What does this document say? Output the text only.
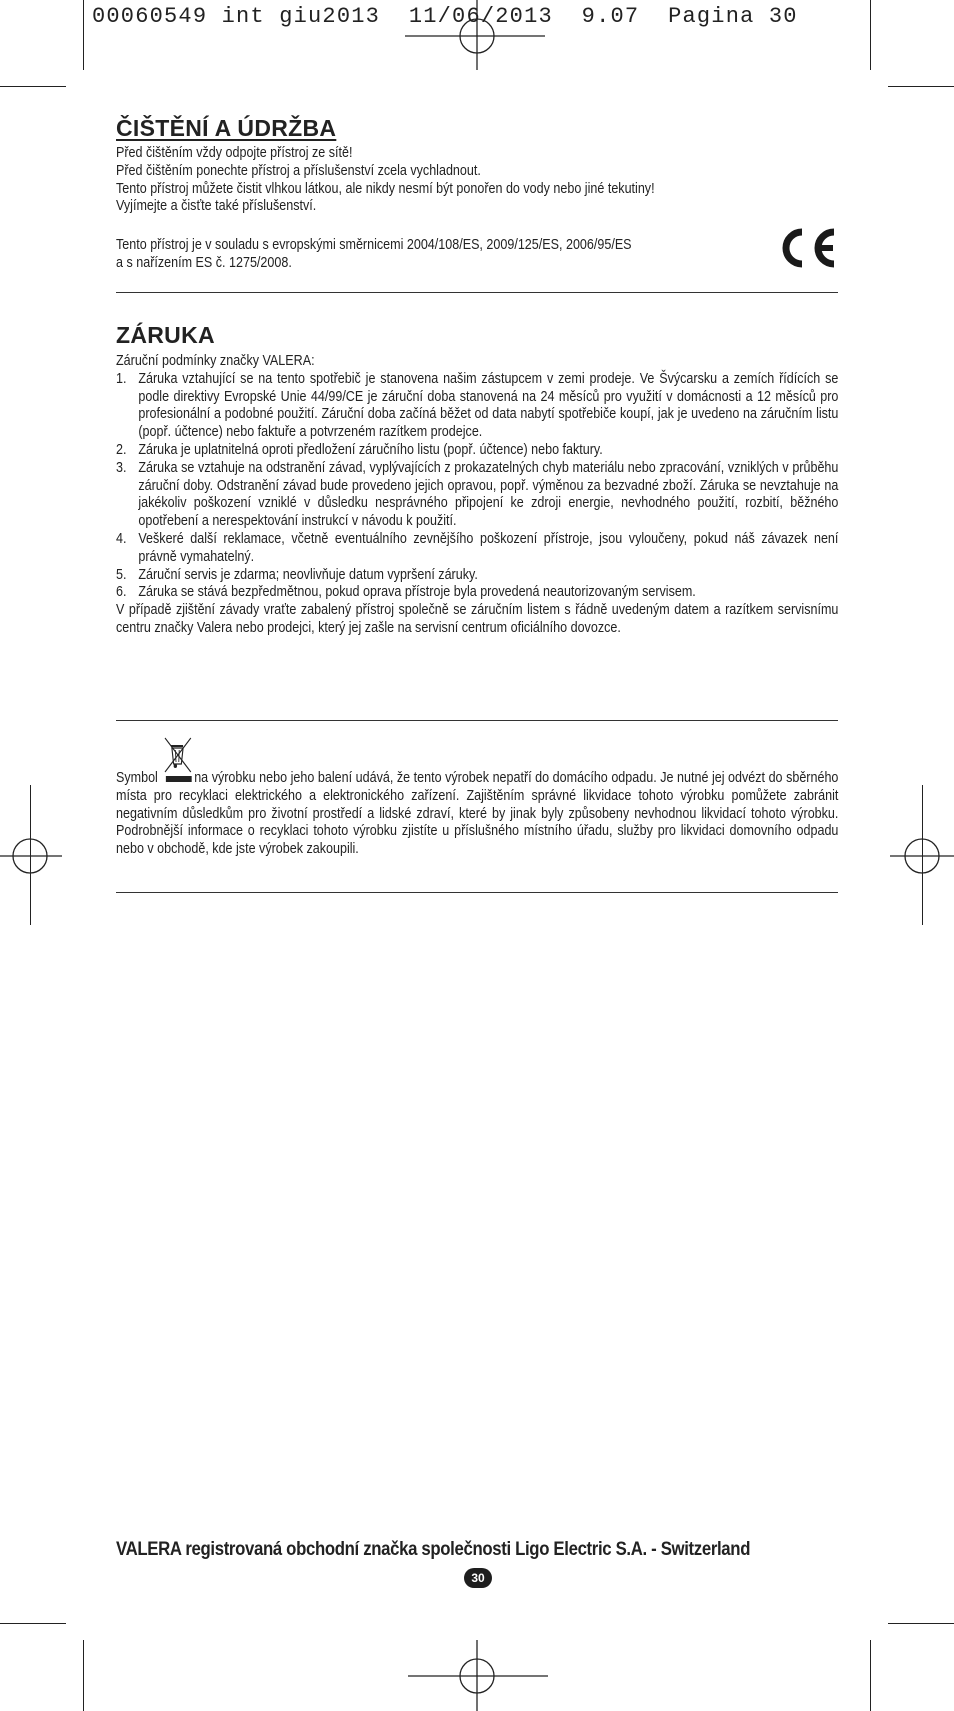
00060549 int giu2013  11/06/2013  9.07  Pagina 30
ČIŠTĚNÍ A ÚDRŽBA
Před čištěním vždy odpojte přístroj ze sítě!
Před čištěním ponechte přístroj a příslušenství zcela vychladnout.
Tento přístroj můžete čistit vlhkou látkou, ale nikdy nesmí být ponořen do vody nebo jiné tekutiny!
Vyjímejte a čisťte také příslušenství.
Tento přístroj je v souladu s evropskými směrnicemi 2004/108/ES, 2009/125/ES, 2006/95/ES
a s nařízením ES č. 1275/2008.
ZÁRUKA
Záruční podmínky značky VALERA:
1. Záruka vztahující se na tento spotřebič je stanovena našim zástupcem v zemi prodeje. Ve Švýcarsku a zemích řídících se podle direktivy Evropské Unie 44/99/CE je záruční doba stanovená na 24 měsíců pro využití v domácnosti a 12 měsíců pro profesionální a podobné použití. Záruční doba začíná běžet od data nabytí spotřebiče koupí, jak je uvedeno na záručním listu (popř. účtence) nebo faktuře a potvrzeném razítkem prodejce.
2. Záruka je uplatnitelná oproti předložení záručního listu (popř. účtence) nebo faktury.
3. Záruka se vztahuje na odstranění závad, vyplývajících z prokazatelných chyb materiálu nebo zpracování, vzniklých v průběhu záruční doby. Odstranění závad bude provedeno jejich opravou, popř. výměnou za bezvadné zboží. Záruka se nevztahuje na jakékoliv poškození vzniklé v důsledku nesprávného připojení ke zdroji energie, nevhodného použití, rozbití, běžného opotřebení a nerespektování instrukcí v návodu k použití.
4. Veškeré další reklamace, včetně eventuálního zevnějšího poškození přístroje, jsou vyloučeny, pokud náš závazek není právně vymahatelný.
5. Záruční servis je zdarma; neovlivňuje datum vypršení záruky.
6. Záruka se stává bezpředmětnou, pokud oprava přístroje byla provedená neautorizovaným servisem.
V případě zjištění závady vraťte zabalený přístroj společně se záručním listem s řádně uvedeným datem a razítkem servisnímu centru značky Valera nebo prodejci, který jej zašle na servisní centrum oficiálního dovozce.
Symbol na výrobku nebo jeho balení udává, že tento výrobek nepatří do domácího odpadu. Je nutné jej odvézt do sběrného místa pro recyklaci elektrického a elektronického zařízení. Zajištěním správné likvidace tohoto výrobku pomůžete zabránit negativním důsledkům pro životní prostředí a lidské zdraví, které by jinak byly způsobeny nevhodnou likvidací tohoto výrobku. Podrobnější informace o recyklaci tohoto výrobku zjistíte u příslušného místního úřadu, služby pro likvidaci domovního odpadu nebo v obchodě, kde jste výrobek zakoupili.
VALERA registrovaná obchodní značka společnosti Ligo Electric S.A. - Switzerland
30
